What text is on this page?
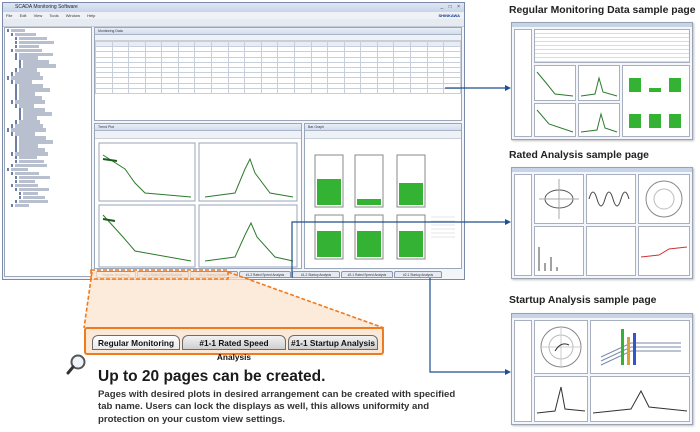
SCADA Monitoring Software	_ □ ×
File Edit View Tools Window Help	SHINKAWA
Monitoring Data

Trend Plot	Bar Graph
#1-2 Rated Speed Analysis	#1-2 Startup Analysis	#2-1 Rated Speed Analysis	#2-1 Startup Analysis
Regular Monitoring	#1-1 Rated Speed Analysis
#1-1 Startup Analysis
Up to 20 pages can be created.
Pages with desired plots in desired arrangement can be created with specified tab name. Users can lock the displays as well, this allows uniformity and protection on your custom view settings.
Regular Monitoring Data sample page
Rated Analysis sample page
Startup Analysis sample page
